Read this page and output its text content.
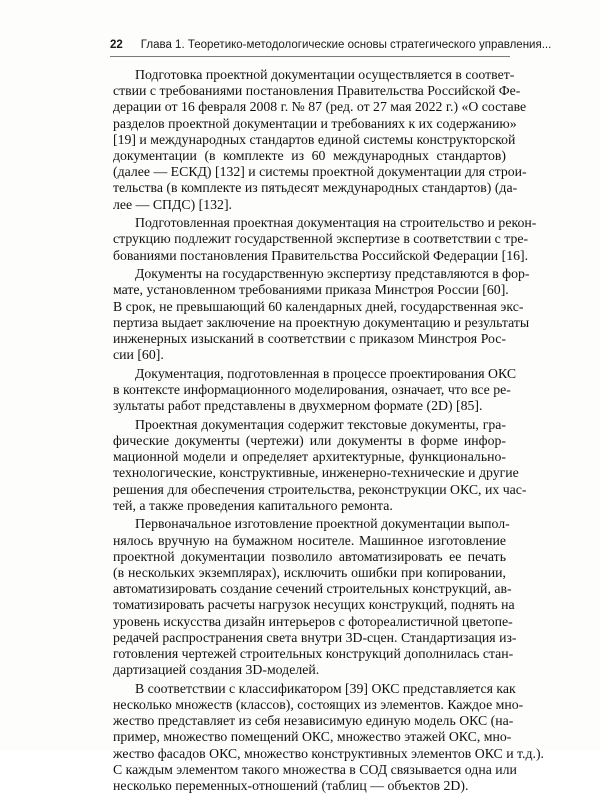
22 Глава 1. Теоретико-методологические основы стратегического управления...

Подготовка проектной документации осуществляется в соответ-
ствии с требованиями постановления Правительства Российской Фе-
дерации от 16 февраля 2008 г. № 87 (ред. от 27 мая 2022 г.) «О составе
разделов проектной документации и требованиях к их содержанию»
[19] и международных стандартов единой системы конструкторской
документации (в комплекте из 60 международных стандартов)
(далее — ЕСКД) [132] и системы проектной документации для строи-
тельства (в комплекте из пятьдесят международных стандартов) (да-
лее — СПДС) [132].

Подготовленная проектная документация на строительство и рекон-
струкцию подлежит государственной экспертизе в соответствии с тре-
бованиями постановления Правительства Российской Федерации [16].

Документы на государственную экспертизу представляются в фор-
мате, установленном требованиями приказа Минстроя России [60].
В срок, не превышающий 60 календарных дней, государственная экс-
пертиза выдает заключение на проектную документацию и результаты
инженерных изысканий в соответствии с приказом Минстроя Рос-
сии [60].

Документация, подготовленная в процессе проектирования ОКС
в контексте информационного моделирования, означает, что все ре-
зультаты работ представлены в двухмерном формате (2D) [85].

Проектная документация содержит текстовые документы, гра-
фические документы (чертежи) или документы в форме инфор-
мационной модели и определяет архитектурные, функционально-
технологические, конструктивные, инженерно-технические и другие
решения для обеспечения строительства, реконструкции ОКС, их час-
тей, а также проведения капитального ремонта.

Первоначальное изготовление проектной документации выпол-
нялось вручную на бумажном носителе. Машинное изготовление
проектной документации позволило автоматизировать ее печать
(в нескольких экземплярах), исключить ошибки при копировании,
автоматизировать создание сечений строительных конструкций, ав-
томатизировать расчеты нагрузок несущих конструкций, поднять на
уровень искусства дизайн интерьеров с фотореалистичной цветопе-
редачей распространения света внутри 3D-сцен. Стандартизация из-
готовления чертежей строительных конструкций дополнилась стан-
дартизацией создания 3D-моделей.

В соответствии с классификатором [39] ОКС представляется как
несколько множеств (классов), состоящих из элементов. Каждое мно-
жество представляет из себя независимую единую модель ОКС (на-
пример, множество помещений ОКС, множество этажей ОКС, мно-
жество фасадов ОКС, множество конструктивных элементов ОКС и т.д.).
С каждым элементом такого множества в СОД связывается одна или
несколько переменных-отношений (таблиц — объектов 2D).
